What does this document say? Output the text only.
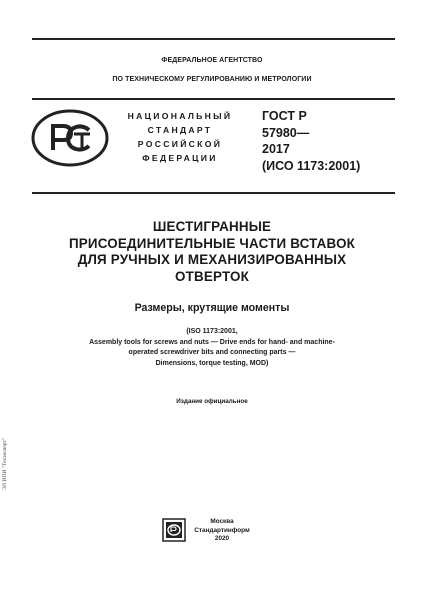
ФЕДЕРАЛЬНОЕ АГЕНТСТВО
ПО ТЕХНИЧЕСКОМУ РЕГУЛИРОВАНИЮ И МЕТРОЛОГИИ
НАЦИОНАЛЬНЫЙ
СТАНДАРТ
РОССИЙСКОЙ
ФЕДЕРАЦИИ
ГОСТ Р
57980—
2017
(ИСО 1173:2001)
ШЕСТИГРАННЫЕ
ПРИСОЕДИНИТЕЛЬНЫЕ ЧАСТИ ВСТАВОК
ДЛЯ РУЧНЫХ И МЕХАНИЗИРОВАННЫХ
ОТВЕРТОК
Размеры, крутящие моменты
(ISO 1173:2001,
Assembly tools for screws and nuts — Drive ends for hand- and machine-
operated screwdriver bits and connecting parts —
Dimensions, torque testing, MOD)
Издание официальное
Москва
Стандартинформ
2020
ЭЛ ИПИ "Техэксперт"
